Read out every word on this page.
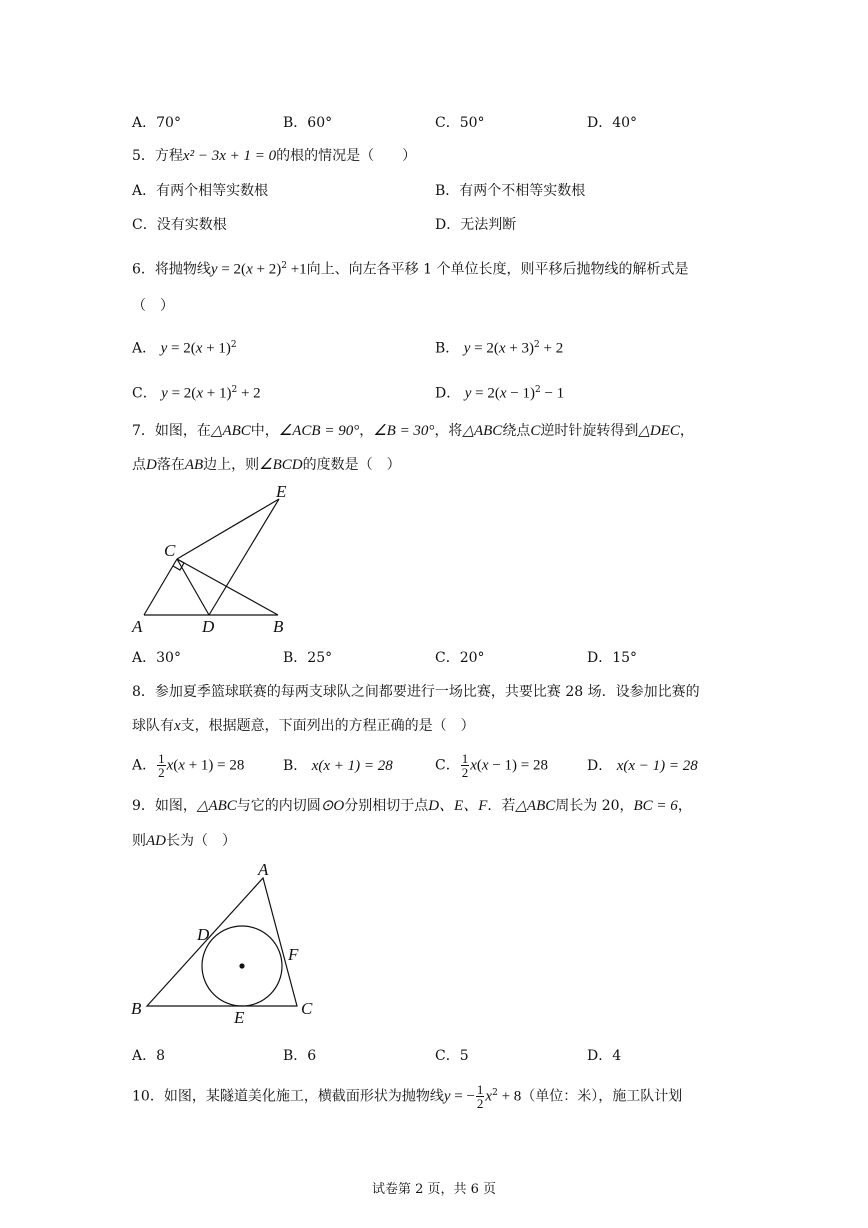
A．70°	B．60°	C．50°	D．40°
5．方程x² − 3x + 1 = 0的根的情况是（　　）
A．有两个相等实数根	B．有两个不相等实数根
C．没有实数根	D．无法判断
6．将抛物线$y = 2(x + 2)^2 +1$向上、向左各平移 1 个单位长度，则平移后抛物线的解析式是
（　）
A． $y = 2(x + 1)^2$	B． $y = 2(x + 3)^2 + 2$
C． $y = 2(x + 1)^2 + 2$	D． $y = 2(x - 1)^2 - 1$
7．如图，在△ABC中，∠ACB = 90°，∠B = 30°，将△ABC绕点C逆时针旋转得到△DEC，
点D落在AB边上，则∠BCD的度数是（　）
E
C
A	D	B
A．30°	B．25°	C．20°	D．15°
8．参加夏季篮球联赛的每两支球队之间都要进行一场比赛，共要比赛 28 场．设参加比赛的
球队有x支，根据题意，下面列出的方程正确的是（　）
A． $\frac{1}{2} x(x + 1) = 28$	B． x(x + 1) = 28	C． $\frac{1}{2} x(x - 1) = 28$	D． x(x − 1) = 28
9．如图，△ABC与它的内切圆⊙O分别相切于点D、E、F．若△ABC周长为 20，BC = 6，
则AD长为（　）
A
D
F
B	E	C
A．8	B．6	C．5	D．4
10．如图，某隧道美化施工，横截面形状为抛物线y = − $\frac{1}{2} x^2 + 8$（单位：米），施工队计划
试卷第 2 页，共 6 页
